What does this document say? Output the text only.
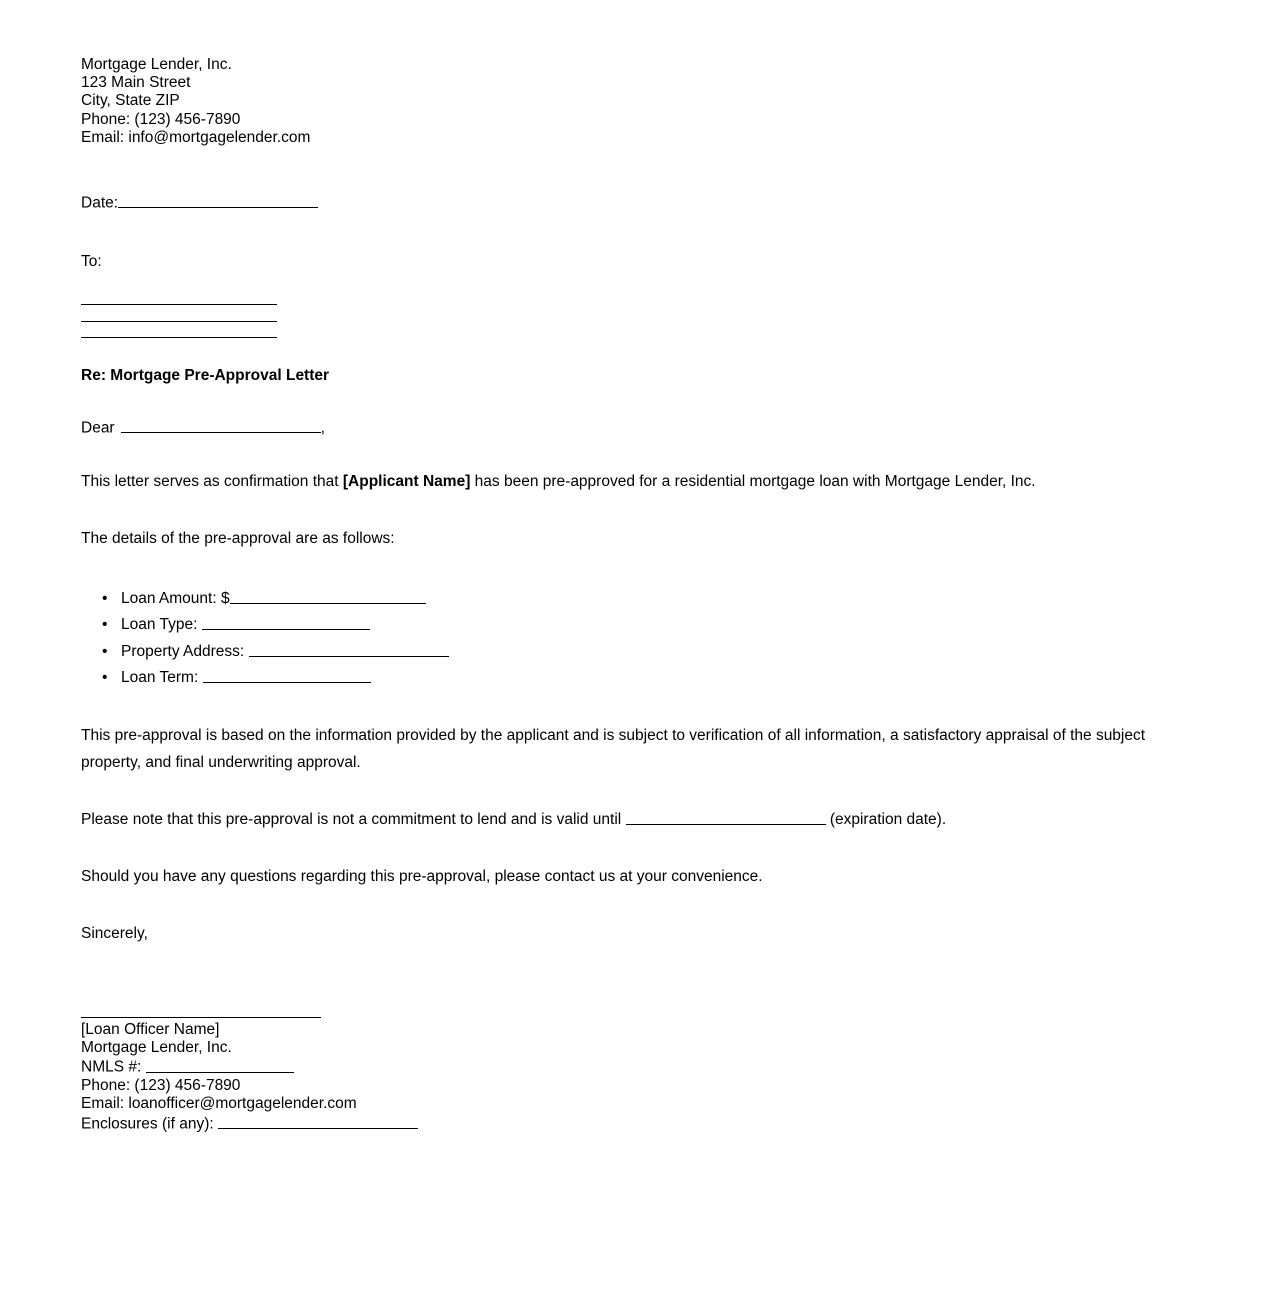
Mortgage Lender, Inc.
123 Main Street
City, State ZIP
Phone: (123) 456-7890
Email: info@mortgagelender.com
Date:
To:
Re: Mortgage Pre-Approval Letter
Dear	,
This letter serves as confirmation that [Applicant Name] has been pre-approved for a residential mortgage loan with Mortgage Lender, Inc.
The details of the pre-approval are as follows:
• Loan Amount: $
• Loan Type:
• Property Address:
• Loan Term:
This pre-approval is based on the information provided by the applicant and is subject to verification of all information, a satisfactory appraisal of the subject property, and final underwriting approval.
Please note that this pre-approval is not a commitment to lend and is valid until	(expiration date).
Should you have any questions regarding this pre-approval, please contact us at your convenience.
Sincerely,
[Loan Officer Name]
Mortgage Lender, Inc.
NMLS #:
Phone: (123) 456-7890
Email: loanofficer@mortgagelender.com
Enclosures (if any):
